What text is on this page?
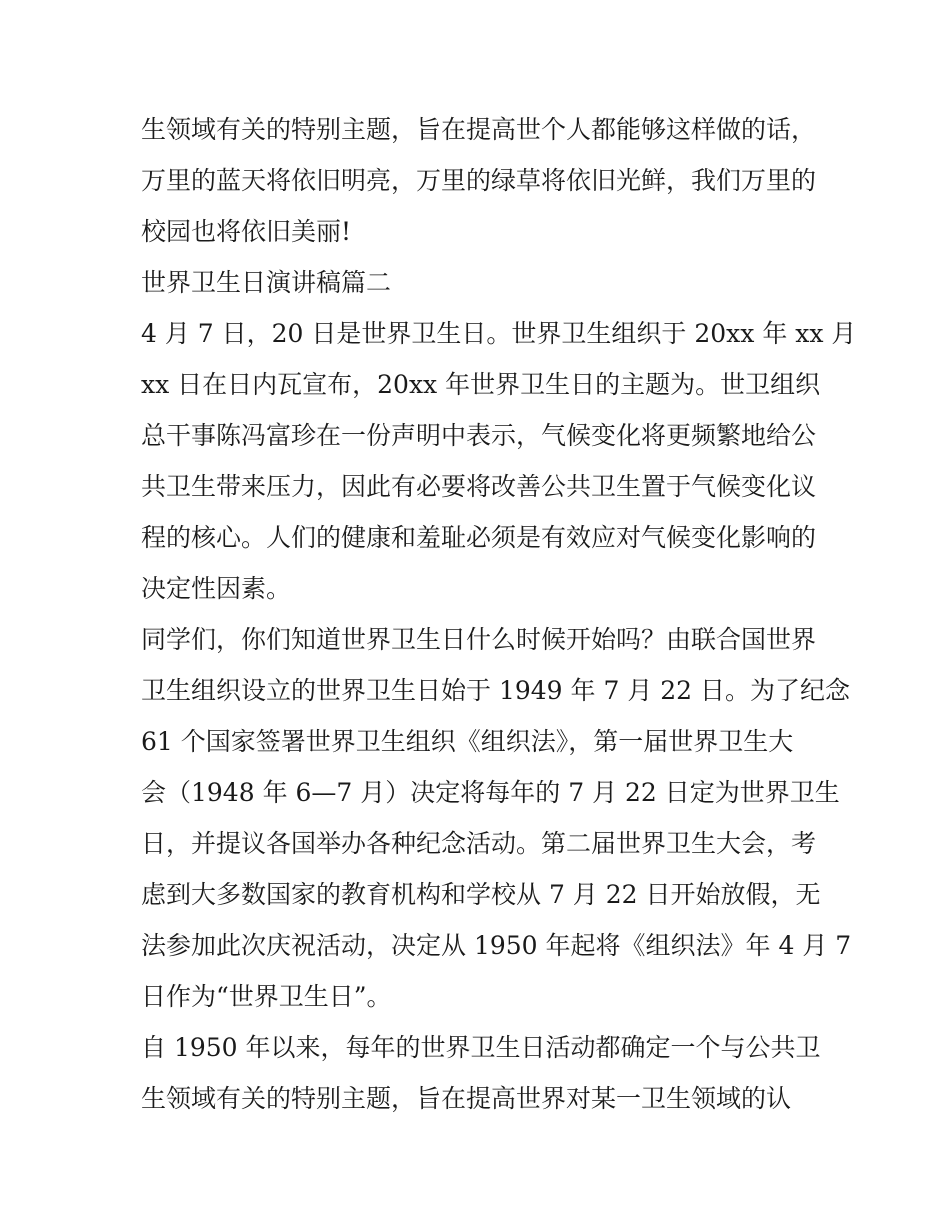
生领域有关的特别主题，旨在提高世个人都能够这样做的话，
万里的蓝天将依旧明亮，万里的绿草将依旧光鲜，我们万里的
校园也将依旧美丽!
世界卫生日演讲稿篇二
4 月 7 日，20 日是世界卫生日。世界卫生组织于 20xx 年 xx 月
xx 日在日内瓦宣布，20xx 年世界卫生日的主题为。世卫组织
总干事陈冯富珍在一份声明中表示，气候变化将更频繁地给公
共卫生带来压力，因此有必要将改善公共卫生置于气候变化议
程的核心。人们的健康和羞耻必须是有效应对气候变化影响的
决定性因素。
同学们，你们知道世界卫生日什么时候开始吗？由联合国世界
卫生组织设立的世界卫生日始于 1949 年 7 月 22 日。为了纪念
61 个国家签署世界卫生组织《组织法》，第一届世界卫生大
会（1948 年 6—7 月）决定将每年的 7 月 22 日定为世界卫生
日，并提议各国举办各种纪念活动。第二届世界卫生大会，考
虑到大多数国家的教育机构和学校从 7 月 22 日开始放假，无
法参加此次庆祝活动，决定从 1950 年起将《组织法》年 4 月 7
日作为“世界卫生日”。
自 1950 年以来，每年的世界卫生日活动都确定一个与公共卫
生领域有关的特别主题，旨在提高世界对某一卫生领域的认
